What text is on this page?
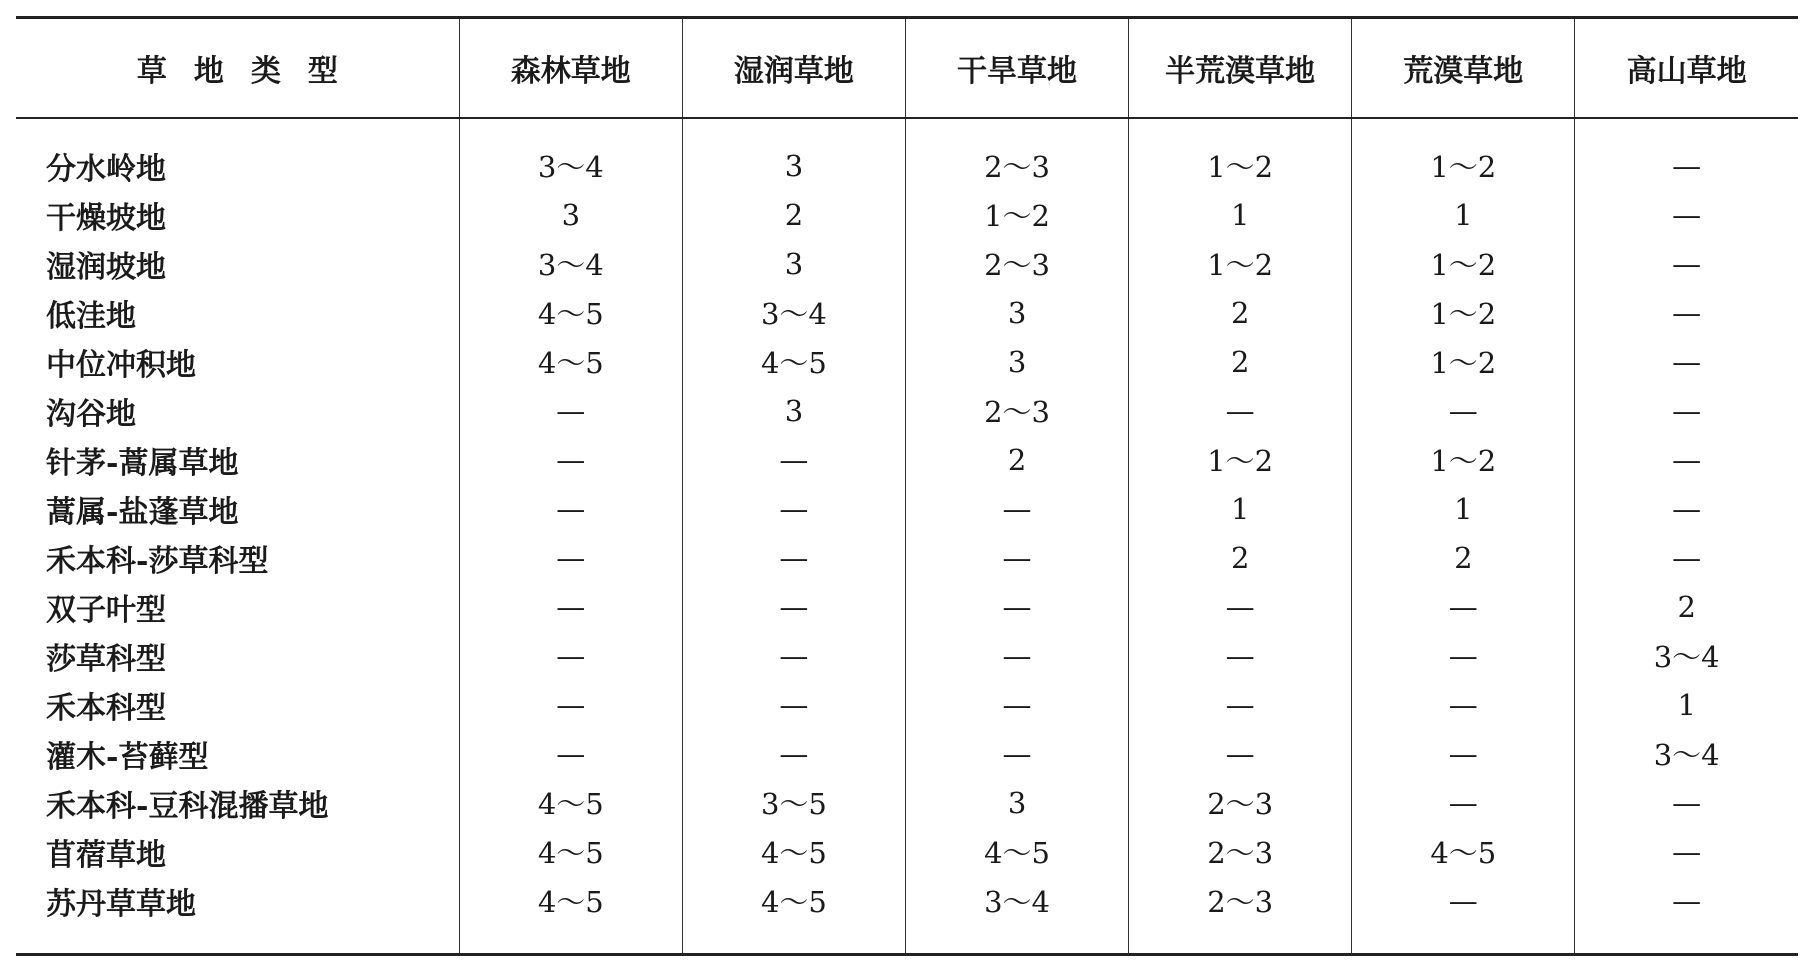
草地类型	森林草地	湿润草地	干旱草地	半荒漠草地	荒漠草地	高山草地
分水岭地	3～4	3	2～3	1～2	1～2	—
干燥坡地	3	2	1～2	1	1	—
湿润坡地	3～4	3	2～3	1～2	1～2	—
低洼地	4～5	3～4	3	2	1～2	—
中位冲积地	4～5	4～5	3	2	1～2	—
沟谷地	—	3	2～3	—	—	—
针茅-蒿属草地	—	—	2	1～2	1～2	—
蒿属-盐蓬草地	—	—	—	1	1	—
禾本科-莎草科型	—	—	—	2	2	—
双子叶型	—	—	—	—	—	2
莎草科型	—	—	—	—	—	3～4
禾本科型	—	—	—	—	—	1
灌木-苔藓型	—	—	—	—	—	3～4
禾本科-豆科混播草地	4～5	3～5	3	2～3	—	—
苜蓿草地	4～5	4～5	4～5	2～3	4～5	—
苏丹草草地	4～5	4～5	3～4	2～3	—	—
